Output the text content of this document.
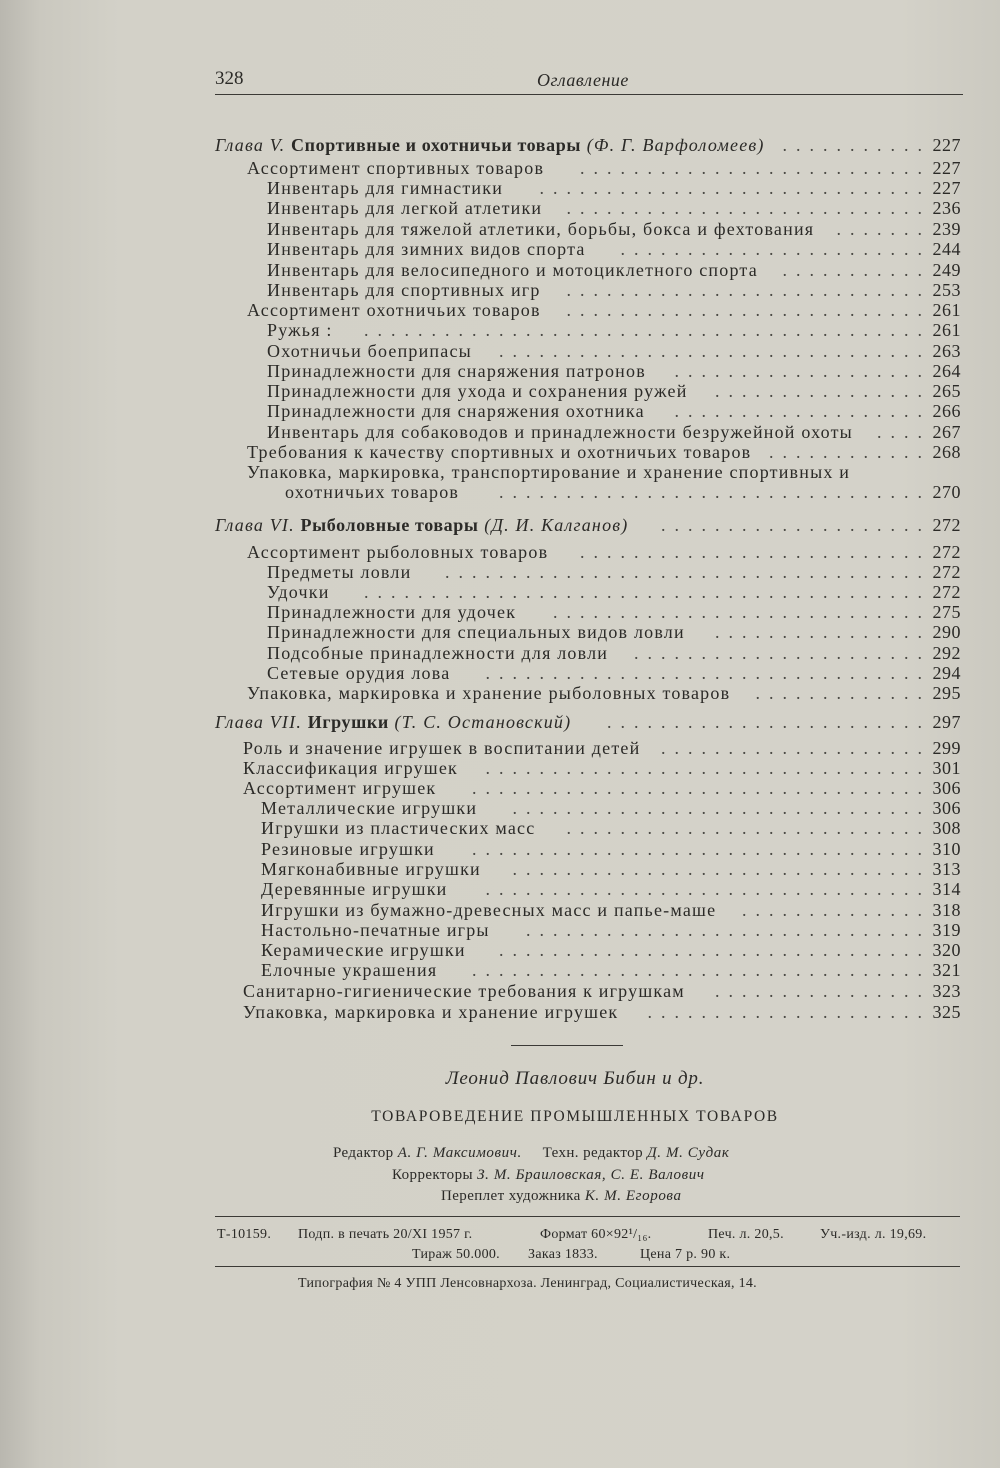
328	Оглавление
Глава V. Спортивные и охотничьи товары (Ф. Г. Варфоломеев) ........... 227
Ассортимент спортивных товаров	.......................... 227
Инвентарь для гимнастики	............................. 227
Инвентарь для легкой атлетики	........................... 236
Инвентарь для тяжелой атлетики, борьбы, бокса и фехтования	....... 239
Инвентарь для зимних видов спорта	....................... 244
Инвентарь для велосипедного и мотоциклетного спорта	........... 249
Инвентарь для спортивных игр	........................... 253
Ассортимент охотничьих товаров	........................... 261
Ружья :	.......................................... 261
Охотничьи боеприпасы	................................ 263
Принадлежности для снаряжения патронов	................... 264
Принадлежности для ухода и сохранения ружей	................ 265
Принадлежности для снаряжения охотника	................... 266
Инвентарь для собаководов и принадлежности безружейной охоты	.... 267
Требования к качеству спортивных и охотничьих товаров ............ 268
Упаковка, маркировка, транспортирование и хранение спортивных и
охотничьих товаров	................................ 270
Глава VI. Рыболовные товары (Д. И. Калганов)	.................... 272
Ассортимент рыболовных товаров	.......................... 272
Предметы ловли	.................................... 272
Удочки	.......................................... 272
Принадлежности для удочек	............................ 275
Принадлежности для специальных видов ловли	................ 290
Подсобные принадлежности для ловли	...................... 292
Сетевые орудия лова	................................. 294
Упаковка, маркировка и хранение рыболовных товаров	............. 295
Глава VII. Игрушки (Т. С. Остановский)	........................ 297
Роль и значение игрушек в воспитании детей	.................... 299
Классификация игрушек	................................. 301
Ассортимент игрушек	.................................. 306
Металлические игрушки	............................... 306
Игрушки из пластических масс	........................... 308
Резиновые игрушки	.................................. 310
Мягконабивные игрушки	............................... 313
Деревянные игрушки	................................. 314
Игрушки из бумажно-древесных масс и папье-маше	.............. 318
Настольно-печатные игры	.............................. 319
Керамические игрушки	................................ 320
Елочные украшения	.................................. 321
Санитарно-гигиенические требования к игрушкам	................ 323
Упаковка, маркировка и хранение игрушек	..................... 325
Леонид Павлович Бибин и др.
ТОВАРОВЕДЕНИЕ ПРОМЫШЛЕННЫХ ТОВАРОВ
Редактор А. Г. Максимович. Техн. редактор Д. М. Судак
Корректоры З. М. Браиловская, С. Е. Валович
Переплет художника К. М. Егорова
Т-10159. Подп. в печать 20/XI 1957 г.	Формат 60×92¹/₁₆.	Печ. л. 20,5.	Уч.-изд. л. 19,69.
Тираж 50.000. Заказ 1833.	Цена 7 р. 90 к.
Типография № 4 УПП Ленсовнархоза. Ленинград, Социалистическая, 14.
